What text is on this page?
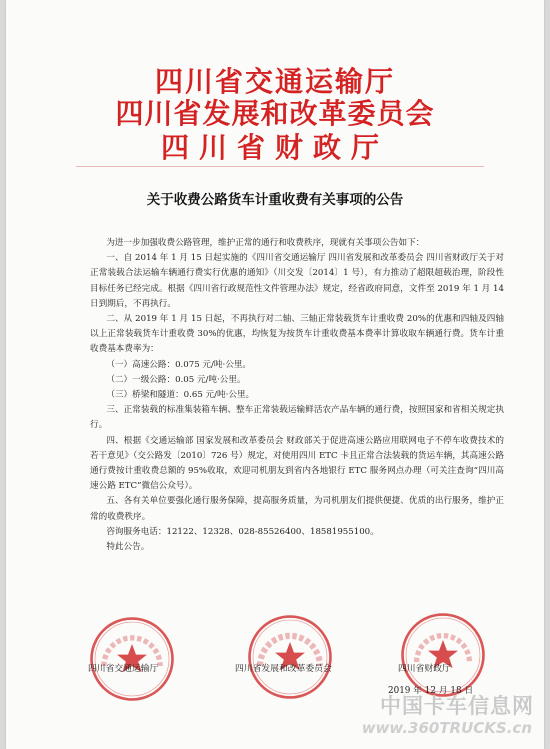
四川省交通运输厅
四川省发展和改革委员会
四川省财政厅
关于收费公路货车计重收费有关事项的公告

为进一步加强收费公路管理，维护正常的通行和收费秩序，现就有关事项公告如下：

一、自 2014 年 1 月 15 日起实施的《四川省交通运输厅 四川省发展和改革委员会 四川省财政厅关于对正常装载合法运输车辆通行费实行优惠的通知》（川交发〔2014〕1 号），有力推动了超限超载治理，阶段性目标任务已经完成。根据《四川省行政规范性文件管理办法》规定，经省政府同意，文件至 2019 年 1 月 14 日到期后，不再执行。

二、从 2019 年 1 月 15 日起，不再执行对二轴、三轴正常装载货车计重收费 20%的优惠和四轴及四轴以上正常装载货车计重收费 30%的优惠，均恢复为按货车计重收费基本费率计算收取车辆通行费。货车计重收费基本费率为：

（一）高速公路：0.075 元/吨·公里。

（二）一级公路：0.05 元/吨·公里。

（三）桥梁和隧道：0.65 元/吨·公里。

三、正常装载的标准集装箱车辆、整车正常装载运输鲜活农产品车辆的通行费，按照国家和省相关规定执行。

四、根据《交通运输部 国家发展和改革委员会 财政部关于促进高速公路应用联网电子不停车收费技术的若干意见》（交公路发〔2010〕726 号）规定，对使用四川 ETC 卡且正常合法装载的货运车辆，其高速公路通行费按计重收费总额的 95%收取，欢迎司机朋友到省内各地银行 ETC 服务网点办理（可关注查询“四川高速公路 ETC”微信公众号）。

五、各有关单位要强化通行服务保障，提高服务质量，为司机朋友们提供便捷、优质的出行服务，维护正常的收费秩序。

咨询服务电话：12122、12328、028-85526400、18581955100。

特此公告。

四川省交通运输厅	四川省发展和改革委员会	四川省财政厅
2019 年 12 月 18 日
中国卡车信息网
www.360TRUCKS.cn
